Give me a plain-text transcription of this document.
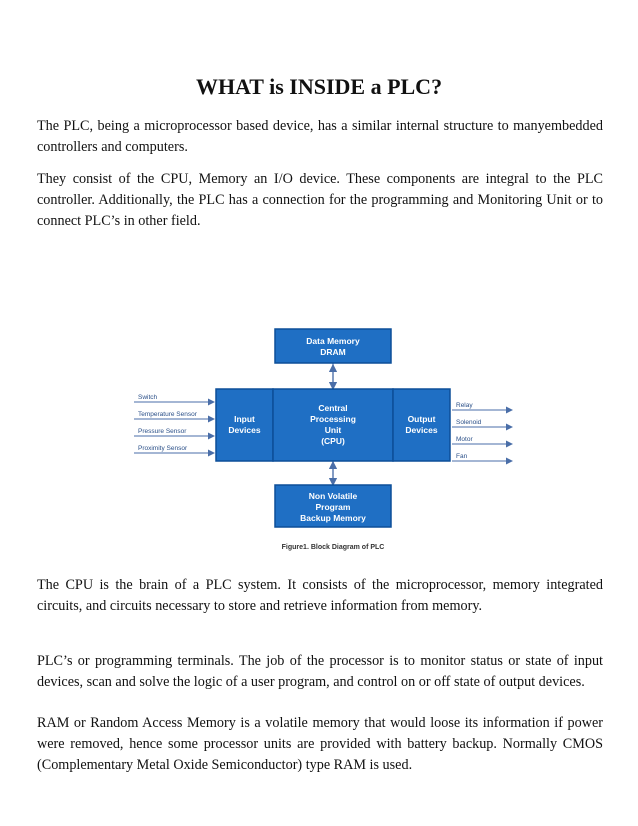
WHAT is INSIDE a PLC?

The PLC, being a microprocessor based device, has a similar internal structure to manyembedded controllers and computers.

They consist of the CPU, Memory an I/O device. These components are integral to the PLC controller. Additionally, the PLC has a connection for the programming and Monitoring Unit or to connect PLC’s in other field.

Data Memory
DRAM
Input
Devices
Central
Processing
Unit
(CPU)
Output
Devices
Non Volatile
Program
Backup Memory
Switch
Temperature Sensor
Pressure Sensor
Proximity Sensor
Relay
Solenoid
Motor
Fan
Figure1. Block Diagram of PLC

The CPU is the brain of a PLC system. It consists of the microprocessor, memory integrated circuits, and circuits necessary to store and retrieve information from memory.

PLC’s or programming terminals. The job of the processor is to monitor status or state of input devices, scan and solve the logic of a user program, and control on or off state of output devices.

RAM or Random Access Memory is a volatile memory that would loose its information if power were removed, hence some processor units are provided with battery backup. Normally CMOS (Complementary Metal Oxide Semiconductor) type RAM is used.
